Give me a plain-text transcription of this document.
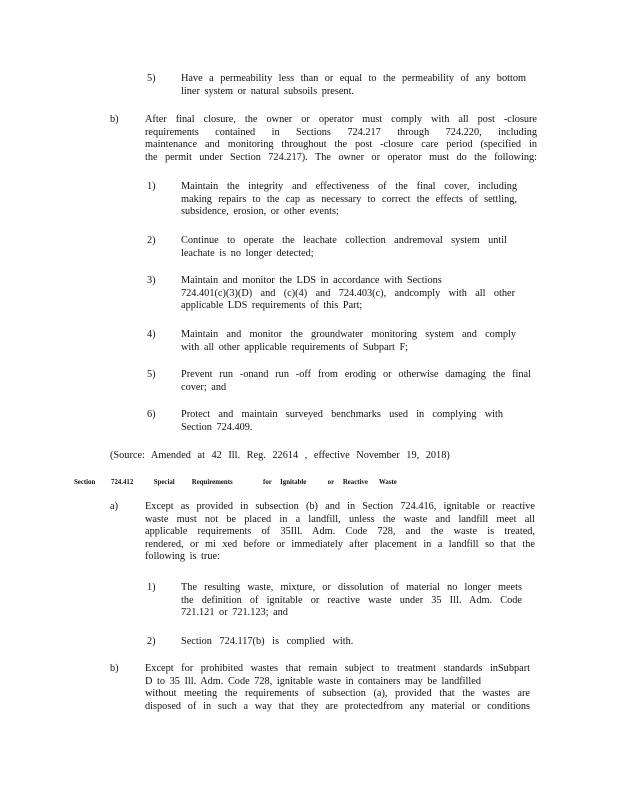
5) Have a permeability less than or equal to the permeability of any bottom
liner system or natural subsoils present.
b)	After final closure, the owner or operator must comply with all post -closure
requirements contained in Sections 724.217 through 724.220, including
maintenance and monitoring throughout the post -closure care period (specified in
the permit under Section 724.217). The owner or operator must do the following:
1) Maintain the integrity and effectiveness of the final cover, including
making repairs to the cap as necessary to correct the effects of settling,
subsidence, erosion, or other events;
2) Continue to operate the leachate collection andremoval system until
leachate is no longer detected;
3) Maintain and monitor the LDS in accordance with Sections
724.401(c)(3)(D) and (c)(4) and 724.403(c), andcomply with all other
applicable LDS requirements of this Part;
4) Maintain and monitor the groundwater monitoring system and comply
with all other applicable requirements of Subpart F;
5) Prevent run -onand run -off from eroding or otherwise damaging the final
cover; and
6) Protect and maintain surveyed benchmarks used in complying with
Section 724.409.
(Source: Amended at 42 Ill. Reg. 22614 , effective November 19, 2018)
Section 724.412	Special Requirements	for Ignitable	or Reactive Waste
a)	Except as provided in subsection (b) and in Section 724.416, ignitable or reactive
waste must not be placed in a landfill, unless the waste and landfill meet all
applicable requirements of 35Ill. Adm. Code 728, and the waste is treated,
rendered, or mi xed before or immediately after placement in a landfill so that the
following is true:
1) The resulting waste, mixture, or dissolution of material no longer meets
the definition of ignitable or reactive waste under 35 Ill. Adm. Code
721.121 or 721.123; and
2) Section 724.117(b) is complied with.
b)	Except for prohibited wastes that remain subject to treatment standards inSubpart
D to 35 Ill. Adm. Code 728, ignitable waste in containers may be landfilled
without meeting the requirements of subsection (a), provided that the wastes are
disposed of in such a way that they are protectedfrom any material or conditions
